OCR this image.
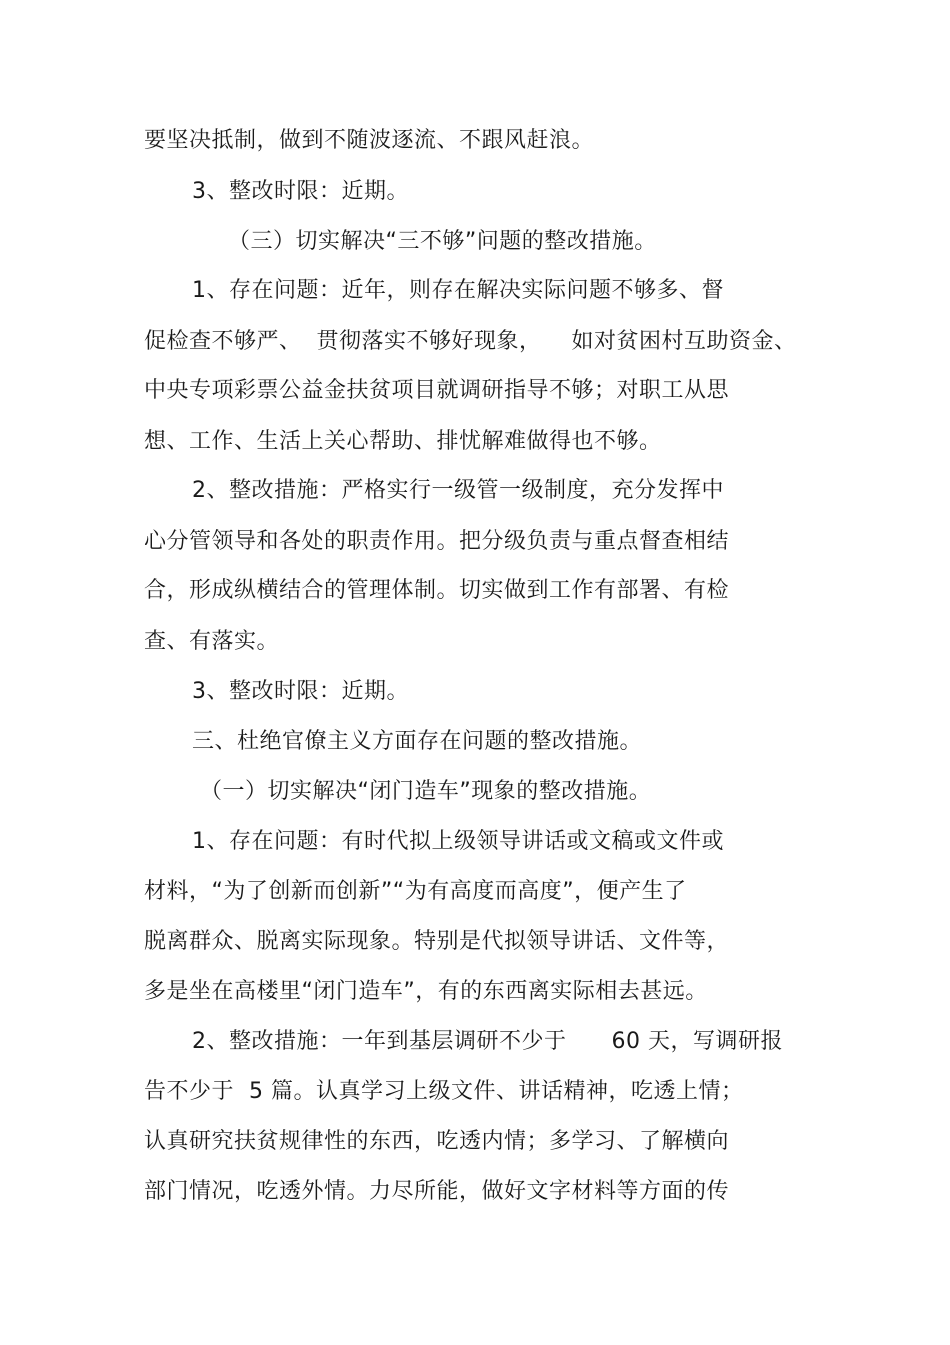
要坚决抵制，做到不随波逐流、不跟风赶浪。
3、整改时限：近期。
（三）切实解决“三不够”问题的整改措施。
1、存在问题：近年，则存在解决实际问题不够多、督
促检查不够严、  贯彻落实不够好现象，    如对贫困村互助资金、
中央专项彩票公益金扶贫项目就调研指导不够；对职工从思
想、工作、生活上关心帮助、排忧解难做得也不够。
2、整改措施：严格实行一级管一级制度，充分发挥中
心分管领导和各处的职责作用。把分级负责与重点督查相结
合，形成纵横结合的管理体制。切实做到工作有部署、有检
查、有落实。
3、整改时限：近期。
三、杜绝官僚主义方面存在问题的整改措施。
（一）切实解决“闭门造车”现象的整改措施。
1、存在问题：有时代拟上级领导讲话或文稿或文件或
材料，“为了创新而创新”“为有高度而高度”，便产生了
脱离群众、脱离实际现象。特别是代拟领导讲话、文件等，
多是坐在高楼里“闭门造车”，有的东西离实际相去甚远。
2、整改措施：一年到基层调研不少于      60 天，写调研报
告不少于  5 篇。认真学习上级文件、讲话精神，吃透上情；
认真研究扶贫规律性的东西，吃透内情；多学习、了解横向
部门情况，吃透外情。力尽所能，做好文字材料等方面的传
